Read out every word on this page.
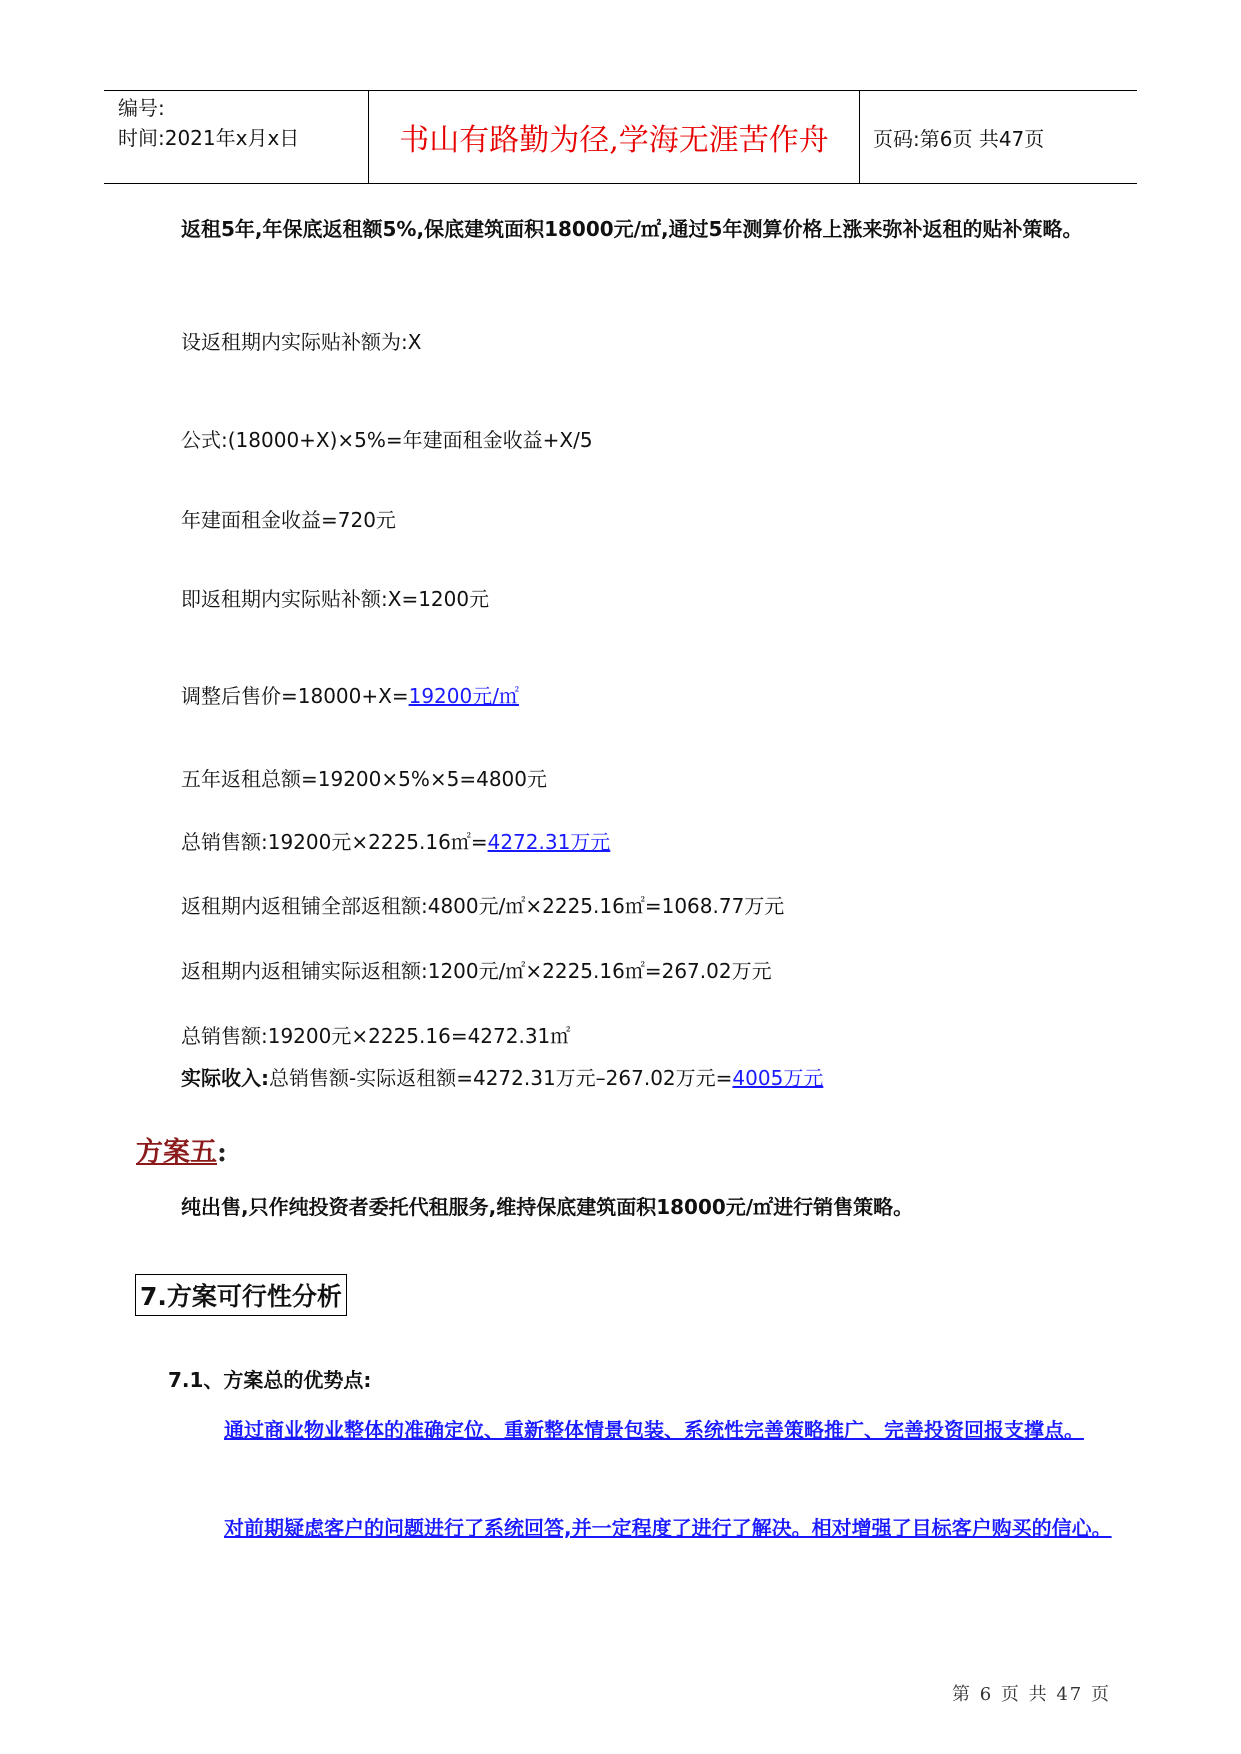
编号:
时间:2021年x月x日	书山有路勤为径,学海无涯苦作舟	页码:第6页 共47页
返租5年,年保底返租额5%,保底建筑面积18000元/㎡,通过5年测算价格上涨来弥补返租的贴补策略。
设返租期内实际贴补额为:X
公式:(18000+X)×5%=年建面租金收益+X/5
年建面租金收益=720元
即返租期内实际贴补额:X=1200元
调整后售价=18000+X=19200元/㎡
五年返租总额=19200×5%×5=4800元
总销售额:19200元×2225.16㎡=4272.31万元
返租期内返租铺全部返租额:4800元/㎡×2225.16㎡=1068.77万元
返租期内返租铺实际返租额:1200元/㎡×2225.16㎡=267.02万元
总销售额:19200元×2225.16=4272.31㎡
实际收入:总销售额-实际返租额=4272.31万元–267.02万元=4005万元
方案五:
纯出售,只作纯投资者委托代租服务,维持保底建筑面积18000元/㎡进行销售策略。
7.方案可行性分析
7.1、方案总的优势点:
通过商业物业整体的准确定位、重新整体情景包装、系统性完善策略推广、完善投资回报支撑点。
对前期疑虑客户的问题进行了系统回答,并一定程度了进行了解决。相对增强了目标客户购买的信心。
第 6 页 共 47 页
